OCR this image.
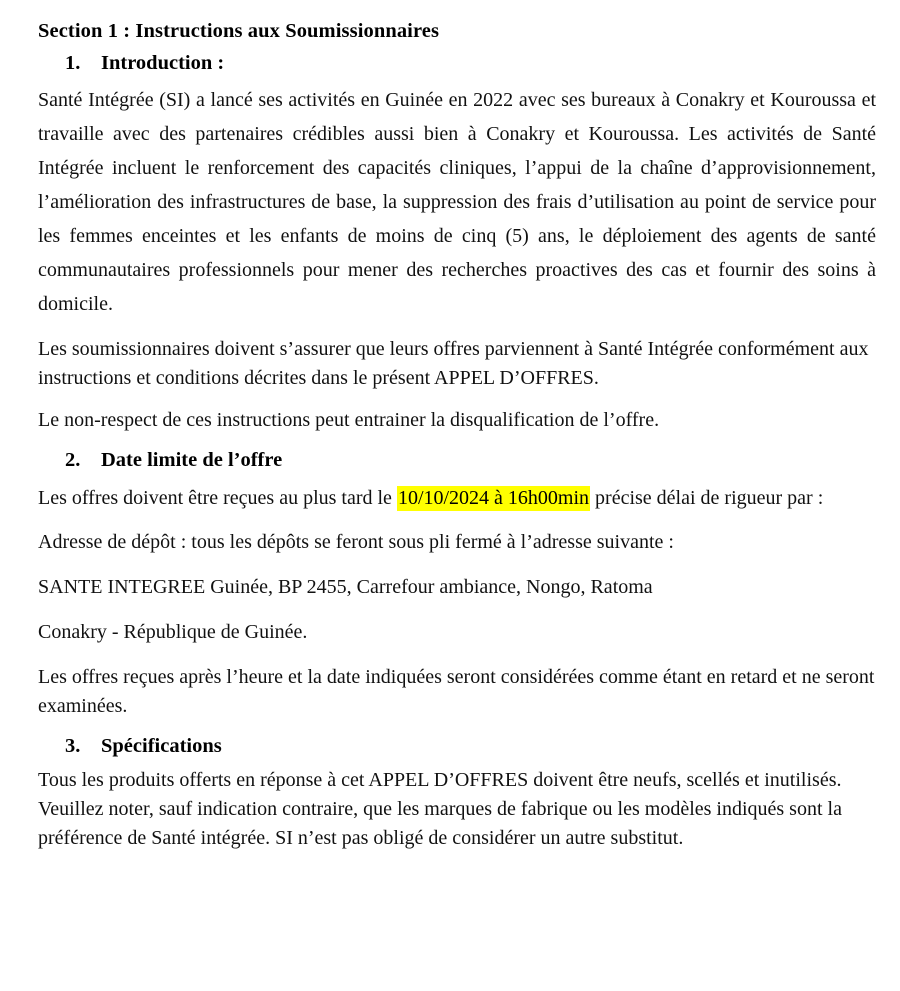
Section 1 : Instructions aux Soumissionnaires
1.	Introduction :

Santé Intégrée (SI) a lancé ses activités en Guinée en 2022 avec ses bureaux à Conakry et Kouroussa et travaille avec des partenaires crédibles aussi bien à Conakry et Kouroussa. Les activités de Santé Intégrée incluent le renforcement des capacités cliniques, l’appui de la chaîne d’approvisionnement, l’amélioration des infrastructures de base, la suppression des frais d’utilisation au point de service pour les femmes enceintes et les enfants de moins de cinq (5) ans, le déploiement des agents de santé communautaires professionnels pour mener des recherches proactives des cas et fournir des soins à domicile.

Les soumissionnaires doivent s’assurer que leurs offres parviennent à Santé Intégrée conformément aux instructions et conditions décrites dans le présent APPEL D’OFFRES.

Le non-respect de ces instructions peut entrainer la disqualification de l’offre.

2.	Date limite de l’offre

Les offres doivent être reçues au plus tard le 10/10/2024 à 16h00min précise délai de rigueur par :

Adresse de dépôt : tous les dépôts se feront sous pli fermé à l’adresse suivante :

SANTE INTEGREE Guinée, BP 2455, Carrefour ambiance, Nongo, Ratoma

Conakry - République de Guinée.

Les offres reçues après l’heure et la date indiquées seront considérées comme étant en retard et ne seront examinées.

3.	Spécifications

Tous les produits offerts en réponse à cet APPEL D’OFFRES doivent être neufs, scellés et inutilisés. Veuillez noter, sauf indication contraire, que les marques de fabrique ou les modèles indiqués sont la préférence de Santé intégrée. SI n’est pas obligé de considérer un autre substitut.
